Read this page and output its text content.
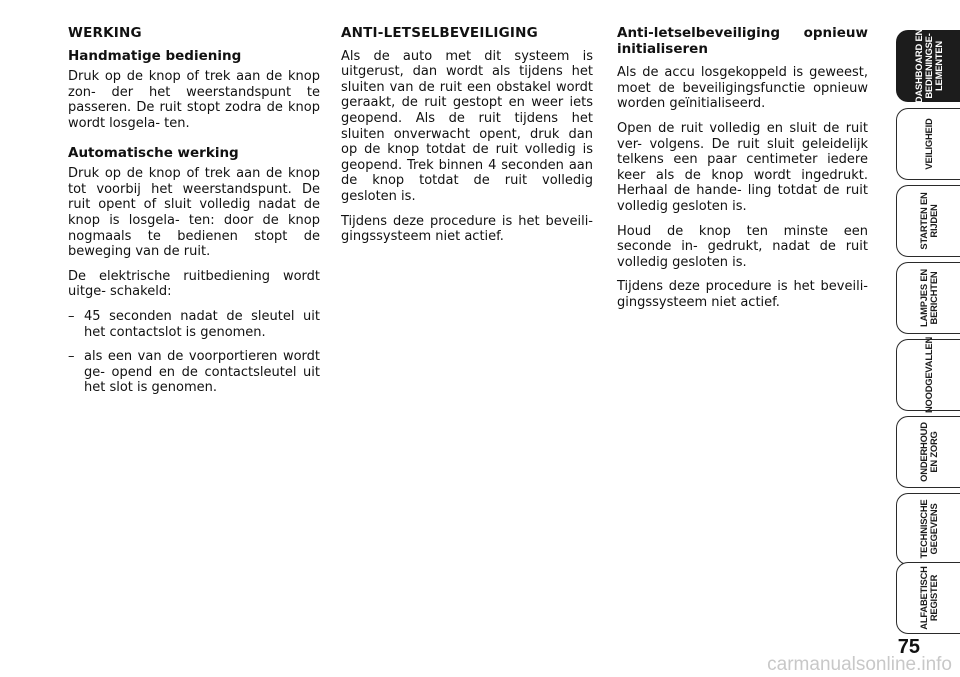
WERKING
Handmatige bediening

Druk op de knop of trek aan de knop zon- der het weerstandspunt te passeren. De ruit stopt zodra de knop wordt losgela- ten.

Automatische werking

Druk op de knop of trek aan de knop tot voorbij het weerstandspunt. De ruit opent of sluit volledig nadat de knop is losgela- ten: door de knop nogmaals te bedienen stopt de beweging van de ruit.

De elektrische ruitbediening wordt uitge- schakeld:

– 45 seconden nadat de sleutel uit het contactslot is genomen.
– als een van de voorportieren wordt ge- opend en de contactsleutel uit het slot is genomen.
ANTI-LETSELBEVEILIGING

Als de auto met dit systeem is uitgerust, dan wordt als tijdens het sluiten van de ruit een obstakel wordt geraakt, de ruit gestopt en weer iets geopend. Als de ruit tijdens het sluiten onverwacht opent, druk dan op de knop totdat de ruit volledig is geopend. Trek binnen 4 seconden aan de knop totdat de ruit volledig gesloten is.

Tijdens deze procedure is het beveili- gingssysteem niet actief.

Anti-letselbeveiliging opnieuw initialiseren

Als de accu losgekoppeld is geweest, moet de beveiligingsfunctie opnieuw worden geïnitialiseerd.

Open de ruit volledig en sluit de ruit ver- volgens. De ruit sluit geleidelijk telkens een paar centimeter iedere keer als de knop wordt ingedrukt. Herhaal de hande- ling totdat de ruit volledig gesloten is.

Houd de knop ten minste een seconde in- gedrukt, nadat de ruit volledig gesloten is.

Tijdens deze procedure is het beveili- gingssysteem niet actief.

DASHBOARD EN
BEDIENINGSE-
LEMENTEN
VEILIGHEID
STARTEN EN
RIJDEN
LAMPJES EN
BERICHTEN
NOODGEVALLEN
ONDERHOUD
EN ZORG
TECHNISCHE
GEGEVENS
ALFABETISCH
REGISTER
75
carmanualsonline.info
